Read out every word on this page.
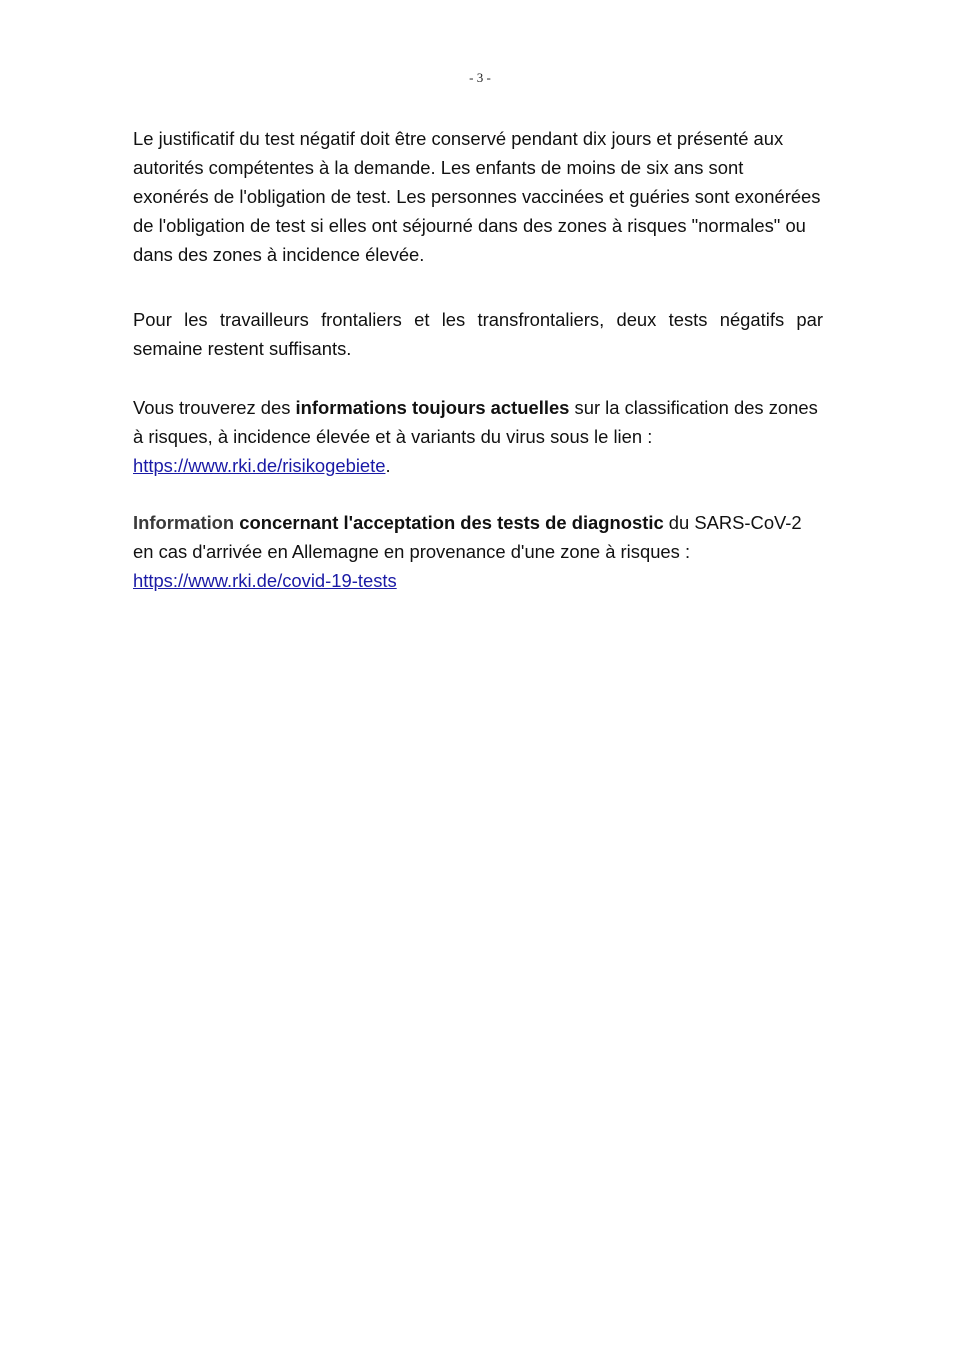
- 3 -

Le justificatif du test négatif doit être conservé pendant dix jours et présenté aux autorités compétentes à la demande. Les enfants de moins de six ans sont exonérés de l'obligation de test. Les personnes vaccinées et guéries sont exonérées de l'obligation de test si elles ont séjourné dans des zones à risques "normales" ou dans des zones à incidence élevée.

Pour les travailleurs frontaliers et les transfrontaliers, deux tests négatifs par semaine restent suffisants.

Vous trouverez des informations toujours actuelles sur la classification des zones à risques, à incidence élevée et à variants du virus sous le lien : https://www.rki.de/risikogebiete.

Information concernant l'acceptation des tests de diagnostic du SARS-CoV-2 en cas d'arrivée en Allemagne en provenance d'une zone à risques : https://www.rki.de/covid-19-tests
